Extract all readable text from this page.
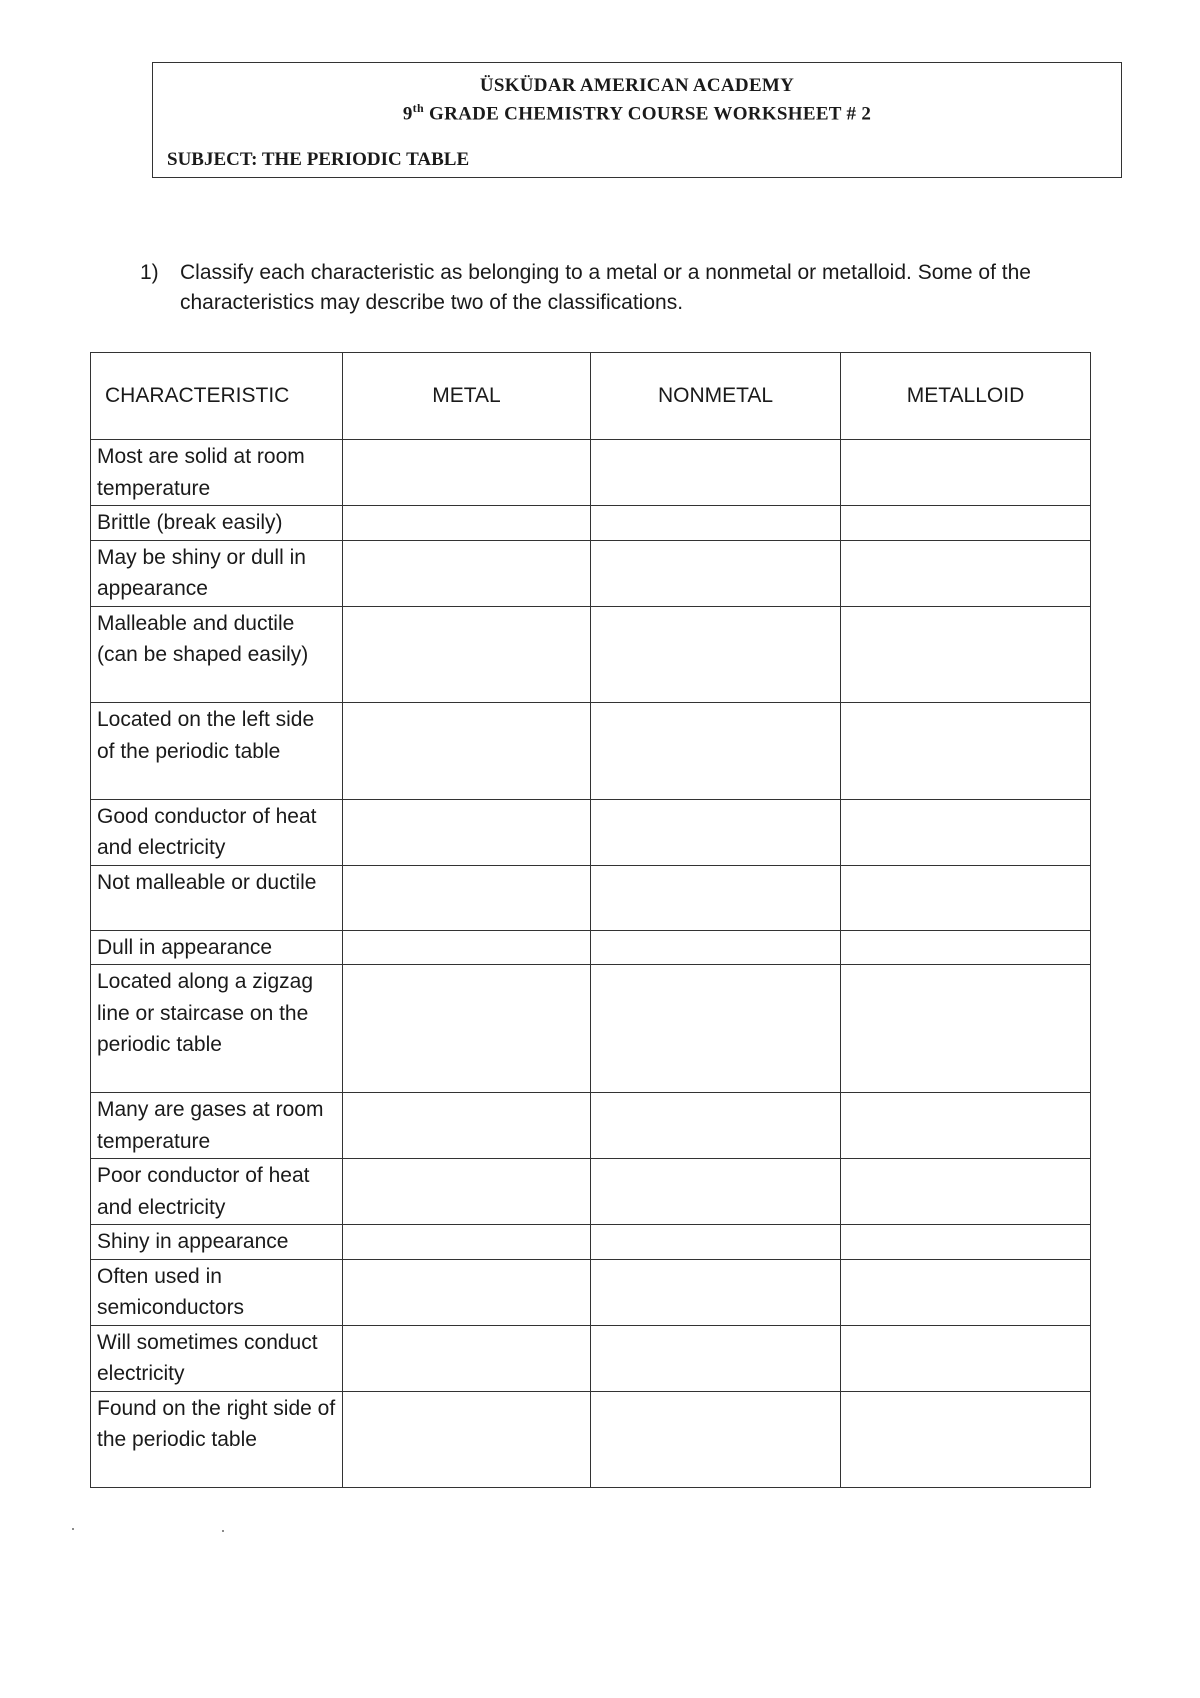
ÜSKÜDAR AMERICAN ACADEMY
9th GRADE CHEMISTRY COURSE WORKSHEET # 2
SUBJECT: THE PERIODIC TABLE
1) Classify each characteristic as belonging to a metal or a nonmetal or metalloid. Some of the characteristics may describe two of the classifications.
CHARACTERISTIC	METAL	NONMETAL	METALLOID
Most are solid at room temperature			
Brittle (break easily)			
May be shiny or dull in appearance			
Malleable and ductile (can be shaped easily)			
Located on the left side of the periodic table			
Good conductor of heat and electricity			
Not malleable or ductile			
Dull in appearance			
Located along a zigzag line or staircase on the periodic table			
Many are gases at room temperature			
Poor conductor of heat and electricity			
Shiny in appearance			
Often used in semiconductors			
Will sometimes conduct electricity			
Found on the right side of the periodic table			
